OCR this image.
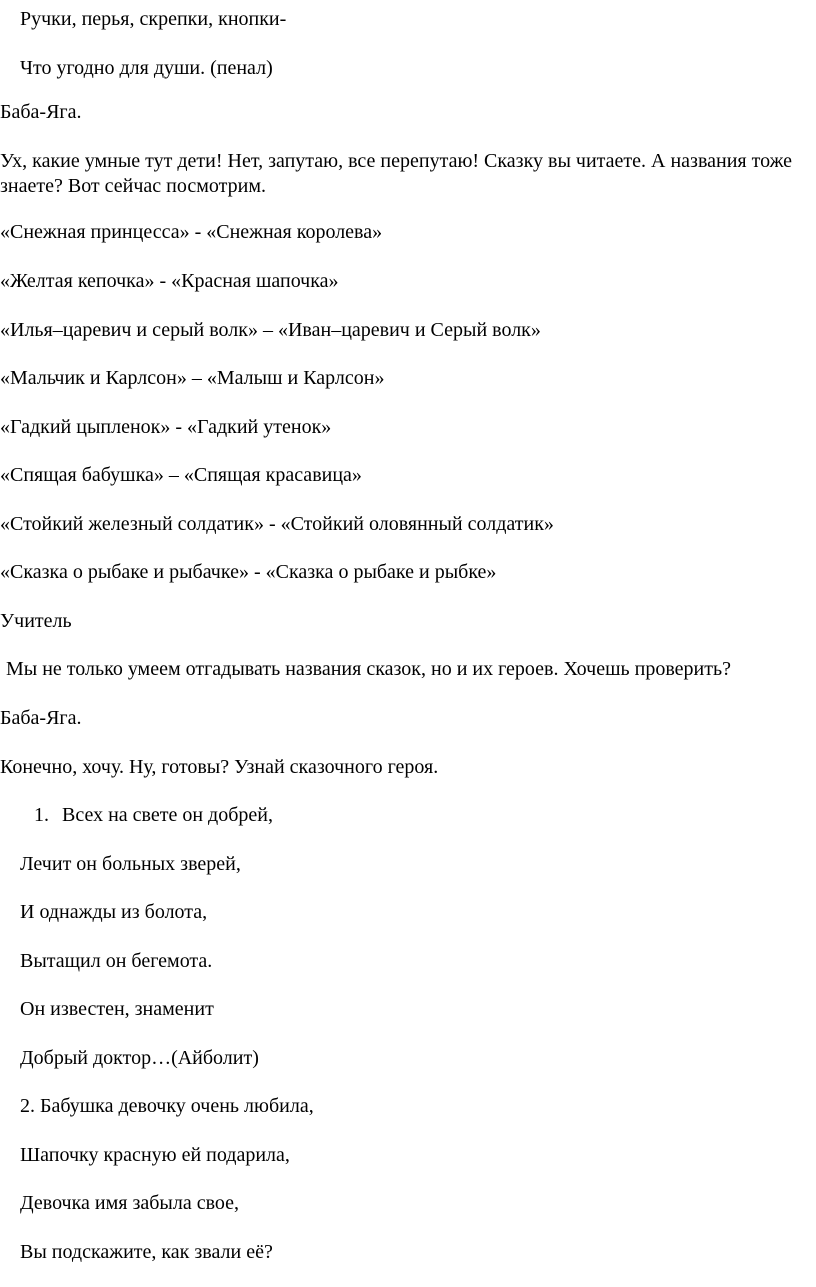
Ручки, перья, скрепки, кнопки-
Что угодно для души. (пенал)
Баба-Яга.
Ух, какие умные тут дети! Нет, запутаю, все перепутаю! Сказку вы читаете. А названия тоже знаете? Вот сейчас посмотрим.
«Снежная принцесса» - «Снежная королева»
«Желтая кепочка» - «Красная шапочка»
«Илья–царевич и серый волк» – «Иван–царевич и Серый волк»
«Мальчик и Карлсон» – «Малыш и Карлсон»
«Гадкий цыпленок» - «Гадкий утенок»
«Спящая бабушка» – «Спящая красавица»
«Стойкий железный солдатик» - «Стойкий оловянный солдатик»
«Сказка о рыбаке и рыбачке» - «Сказка о рыбаке и рыбке»
Учитель
Мы не только умеем отгадывать названия сказок, но и их героев. Хочешь проверить?
Баба-Яга.
Конечно, хочу. Ну, готовы? Узнай сказочного героя.
1. Всех на свете он добрей,
Лечит он больных зверей,
И однажды из болота,
Вытащил он бегемота.
Он известен, знаменит
Добрый доктор…(Айболит)
2. Бабушка девочку очень любила,
Шапочку красную ей подарила,
Девочка имя забыла свое,
Вы подскажите, как звали её?
